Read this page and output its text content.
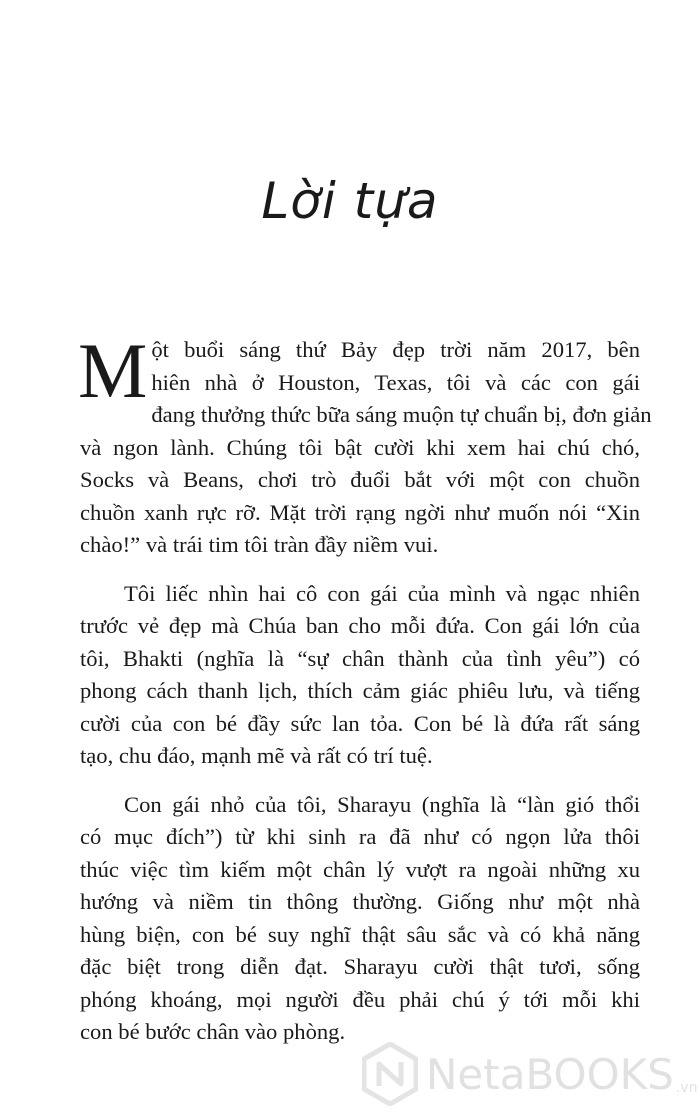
Lời tựa
M ột buổi sáng thứ Bảy đẹp trời năm 2017, bên
hiên nhà ở Houston, Texas, tôi và các con gái
đang thưởng thức bữa sáng muộn tự chuẩn bị, đơn giản
và ngon lành. Chúng tôi bật cười khi xem hai chú chó,
Socks và Beans, chơi trò đuổi bắt với một con chuồn
chuồn xanh rực rỡ. Mặt trời rạng ngời như muốn nói “Xin
chào!” và trái tim tôi tràn đầy niềm vui.
Tôi liếc nhìn hai cô con gái của mình và ngạc nhiên
trước vẻ đẹp mà Chúa ban cho mỗi đứa. Con gái lớn của
tôi, Bhakti (nghĩa là “sự chân thành của tình yêu”) có
phong cách thanh lịch, thích cảm giác phiêu lưu, và tiếng
cười của con bé đầy sức lan tỏa. Con bé là đứa rất sáng
tạo, chu đáo, mạnh mẽ và rất có trí tuệ.
Con gái nhỏ của tôi, Sharayu (nghĩa là “làn gió thổi
có mục đích”) từ khi sinh ra đã như có ngọn lửa thôi
thúc việc tìm kiếm một chân lý vượt ra ngoài những xu
hướng và niềm tin thông thường. Giống như một nhà
hùng biện, con bé suy nghĩ thật sâu sắc và có khả năng
đặc biệt trong diễn đạt. Sharayu cười thật tươi, sống
phóng khoáng, mọi người đều phải chú ý tới mỗi khi
con bé bước chân vào phòng.
NetaBOOKS .vn
